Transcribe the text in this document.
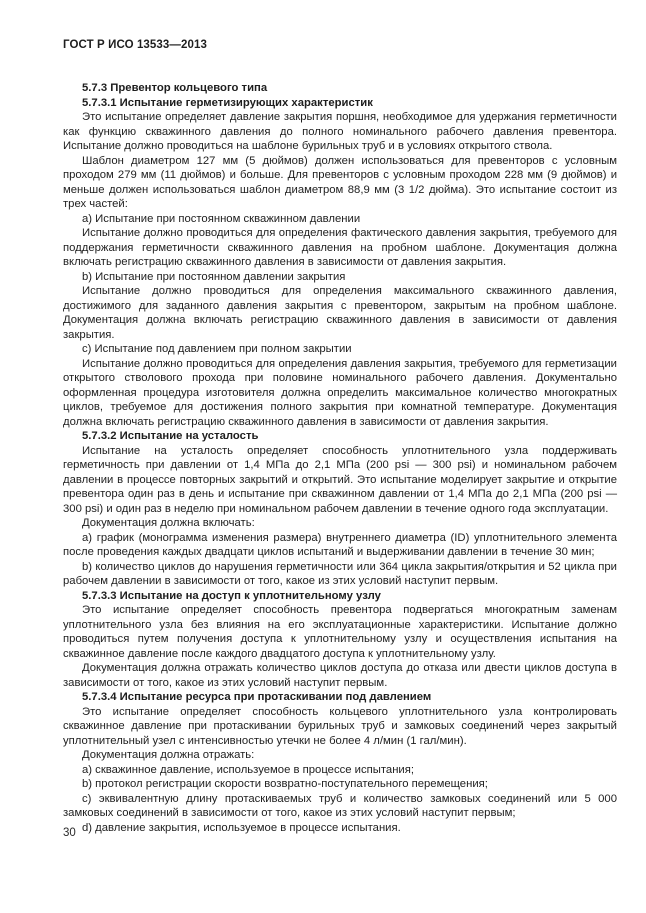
ГОСТ Р ИСО 13533—2013

5.7.3 Превентор кольцевого типа

5.7.3.1 Испытание герметизирующих характеристик

Это испытание определяет давление закрытия поршня, необходимое для удержания герметичности как функцию скважинного давления до полного номинального рабочего давления превентора. Испытание должно проводиться на шаблоне бурильных труб и в условиях открытого ствола.

Шаблон диаметром 127 мм (5 дюймов) должен использоваться для превенторов с условным проходом 279 мм (11 дюймов) и больше. Для превенторов с условным проходом 228 мм (9 дюймов) и меньше должен использоваться шаблон диаметром 88,9 мм (3 1/2 дюйма). Это испытание состоит из трех частей:

a) Испытание при постоянном скважинном давлении

Испытание должно проводиться для определения фактического давления закрытия, требуемого для поддержания герметичности скважинного давления на пробном шаблоне. Документация должна включать регистрацию скважинного давления в зависимости от давления закрытия.

b) Испытание при постоянном давлении закрытия

Испытание должно проводиться для определения максимального скважинного давления, достижимого для заданного давления закрытия с превентором, закрытым на пробном шаблоне. Документация должна включать регистрацию скважинного давления в зависимости от давления закрытия.

c) Испытание под давлением при полном закрытии

Испытание должно проводиться для определения давления закрытия, требуемого для герметизации открытого стволового прохода при половине номинального рабочего давления. Документально оформленная процедура изготовителя должна определить максимальное количество многократных циклов, требуемое для достижения полного закрытия при комнатной температуре. Документация должна включать регистрацию скважинного давления в зависимости от давления закрытия.

5.7.3.2 Испытание на усталость

Испытание на усталость определяет способность уплотнительного узла поддерживать герметичность при давлении от 1,4 МПа до 2,1 МПа (200 psi — 300 psi) и номинальном рабочем давлении в процессе повторных закрытий и открытий. Это испытание моделирует закрытие и открытие превентора один раз в день и испытание при скважинном давлении от 1,4 МПа до 2,1 МПа (200 psi — 300 psi) и один раз в неделю при номинальном рабочем давлении в течение одного года эксплуатации.

Документация должна включать:

a) график (монограмма изменения размера) внутреннего диаметра (ID) уплотнительного элемента после проведения каждых двадцати циклов испытаний и выдерживании давлении в течение 30 мин;

b) количество циклов до нарушения герметичности или 364 цикла закрытия/открытия и 52 цикла при рабочем давлении в зависимости от того, какое из этих условий наступит первым.

5.7.3.3 Испытание на доступ к уплотнительному узлу

Это испытание определяет способность превентора подвергаться многократным заменам уплотнительного узла без влияния на его эксплуатационные характеристики. Испытание должно проводиться путем получения доступа к уплотнительному узлу и осуществления испытания на скважинное давление после каждого двадцатого доступа к уплотнительному узлу.

Документация должна отражать количество циклов доступа до отказа или двести циклов доступа в зависимости от того, какое из этих условий наступит первым.

5.7.3.4 Испытание ресурса при протаскивании под давлением

Это испытание определяет способность кольцевого уплотнительного узла контролировать скважинное давление при протаскивании бурильных труб и замковых соединений через закрытый уплотнительный узел с интенсивностью утечки не более 4 л/мин (1 гал/мин).

Документация должна отражать:

a) скважинное давление, используемое в процессе испытания;

b) протокол регистрации скорости возвратно-поступательного перемещения;

c) эквивалентную длину протаскиваемых труб и количество замковых соединений или 5 000 замковых соединений в зависимости от того, какое из этих условий наступит первым;

d) давление закрытия, используемое в процессе испытания.

30
